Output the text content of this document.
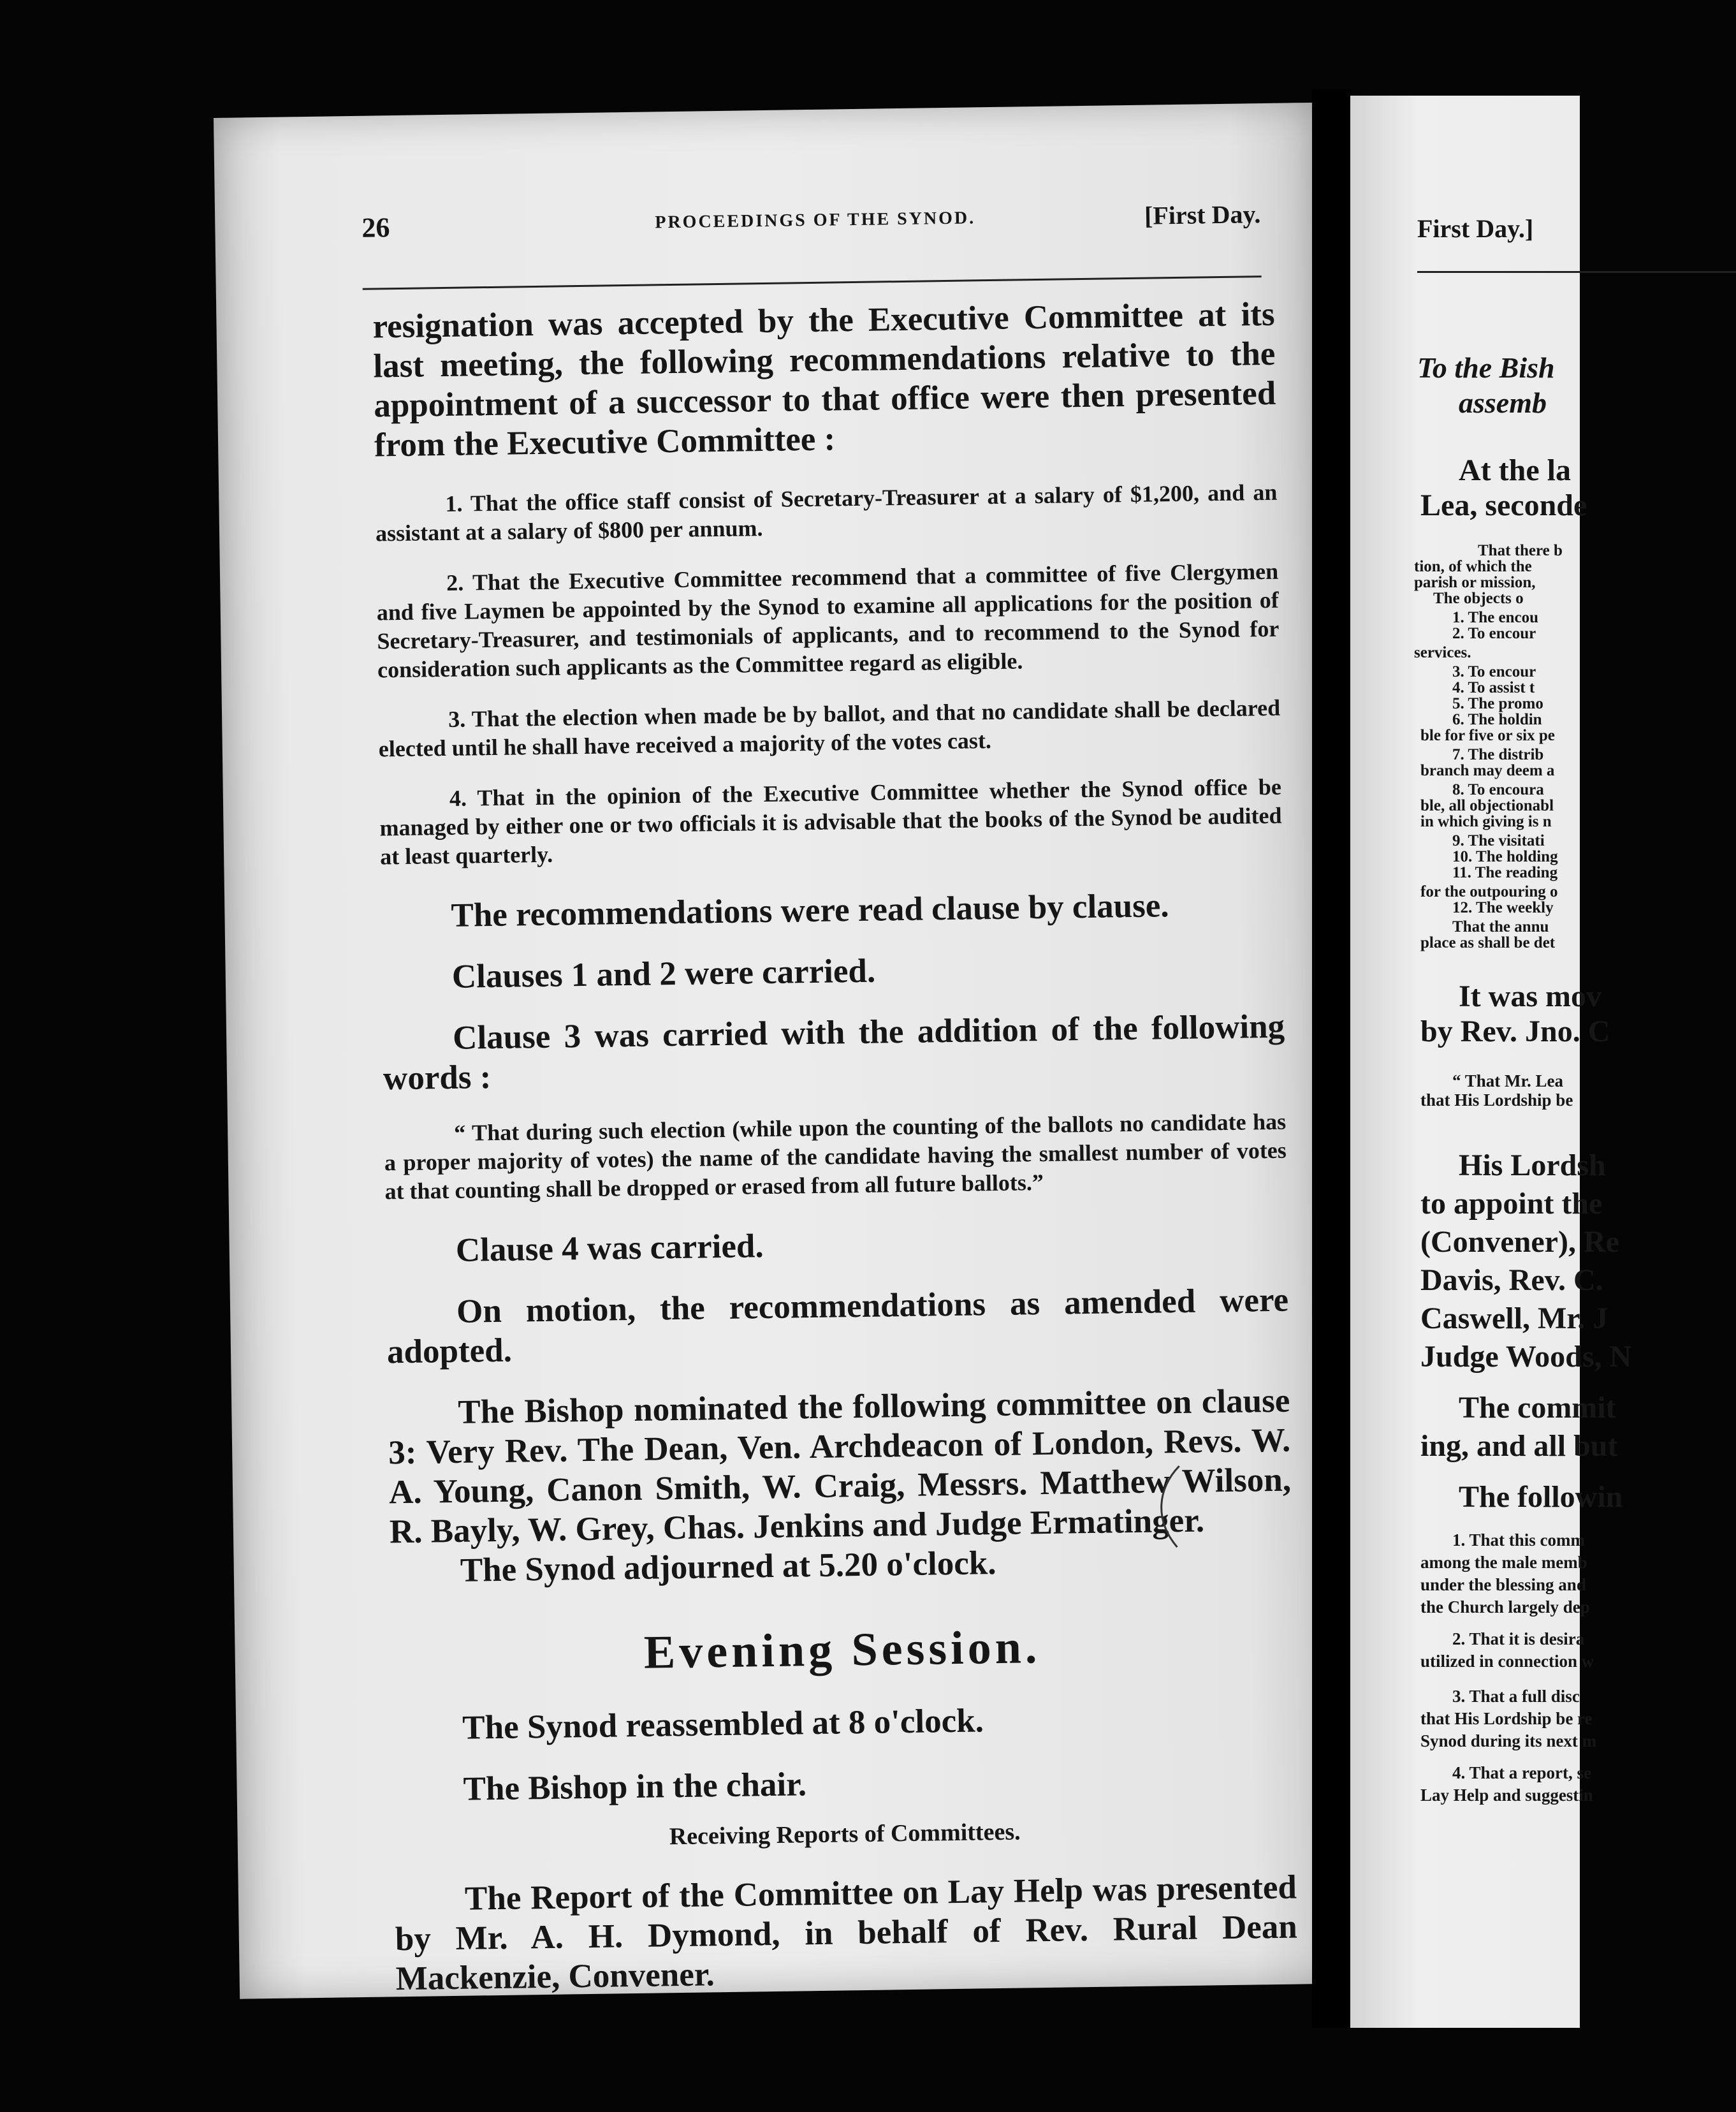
26	PROCEEDINGS OF THE SYNOD.	[First Day.

resignation was accepted by the Executive Committee at its last meeting, the following recommendations relative to the appointment of a successor to that office were then presented from the Executive Committee :

1. That the office staff consist of Secretary-Treasurer at a salary of $1,200, and an assistant at a salary of $800 per annum.

2. That the Executive Committee recommend that a committee of five Clergymen and five Laymen be appointed by the Synod to examine all applications for the position of Secretary-Treasurer, and testimonials of applicants, and to recommend to the Synod for consideration such applicants as the Committee regard as eligible.

3. That the election when made be by ballot, and that no candidate shall be declared elected until he shall have received a majority of the votes cast.

4. That in the opinion of the Executive Committee whether the Synod office be managed by either one or two officials it is advisable that the books of the Synod be audited at least quarterly.

The recommendations were read clause by clause.

Clauses 1 and 2 were carried.

Clause 3 was carried with the addition of the following words :

“ That during such election (while upon the counting of the ballots no candidate has a proper majority of votes) the name of the candidate having the smallest number of votes at that counting shall be dropped or erased from all future ballots.”

Clause 4 was carried.

On motion, the recommendations as amended were adopted.

The Bishop nominated the following committee on clause 3: Very Rev. The Dean, Ven. Archdeacon of London, Revs. W. A. Young, Canon Smith, W. Craig, Messrs. Matthew Wilson, R. Bayly, W. Grey, Chas. Jenkins and Judge Ermatinger.

The Synod adjourned at 5.20 o'clock.

Evening Session.

The Synod reassembled at 8 o'clock.

The Bishop in the chair.

Receiving Reports of Committees.

The Report of the Committee on Lay Help was presented by Mr. A. H. Dymond, in behalf of Rev. Rural Dean Mackenzie, Convener.

First Day.]
To the Bish
assemb
At the la
Lea, seconde
That there b
tion, of which the
parish or mission,
The objects o
1. The encou
2. To encour
services.
3. To encour
4. To assist t
5. The promo
6. The holdin
ble for five or six pe
7. The distrib
branch may deem a
8. To encoura
ble, all objectionabl
in which giving is n
9. The visitati
10. The holding
11. The reading
for the outpouring o
12. The weekly
That the annu
place as shall be det
It was mov
by Rev. Jno. C
“ That Mr. Lea
that His Lordship be
His Lordsh
to appoint the
(Convener), Re
Davis, Rev. C.
Caswell, Mr. J
Judge Woods, N
The commit
ing, and all but
The followin
1. That this comm
among the male memb
under the blessing and
the Church largely dep
2. That it is desira
utilized in connection w
3. That a full disc
that His Lordship be re
Synod during its next m
4. That a report, se
Lay Help and suggestin
